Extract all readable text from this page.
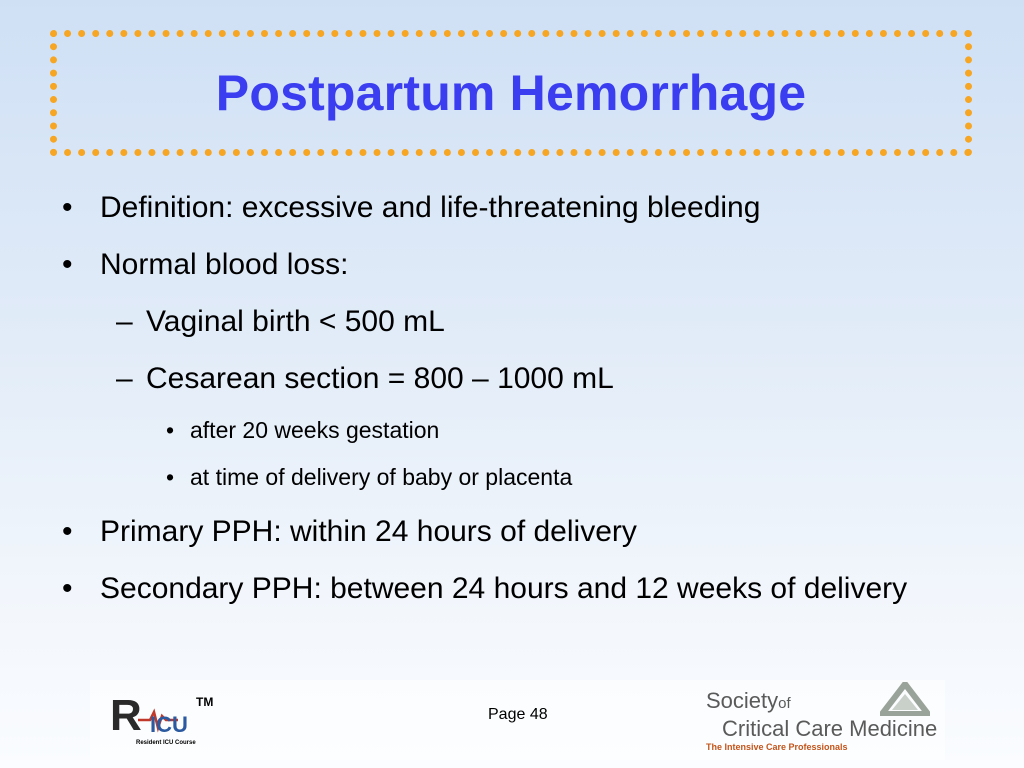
Postpartum Hemorrhage
• Definition: excessive and life-threatening bleeding

• Normal blood loss:

– Vaginal birth < 500 mL

– Cesarean section = 800 – 1000 mL

• after 20 weeks gestation

• at time of delivery of baby or placenta

• Primary PPH: within 24 hours of delivery

• Secondary PPH: between 24 hours and 12 weeks of delivery

R ICU
TM
Resident ICU Course
Page 48
Societyof
Critical Care Medicine
The Intensive Care Professionals
